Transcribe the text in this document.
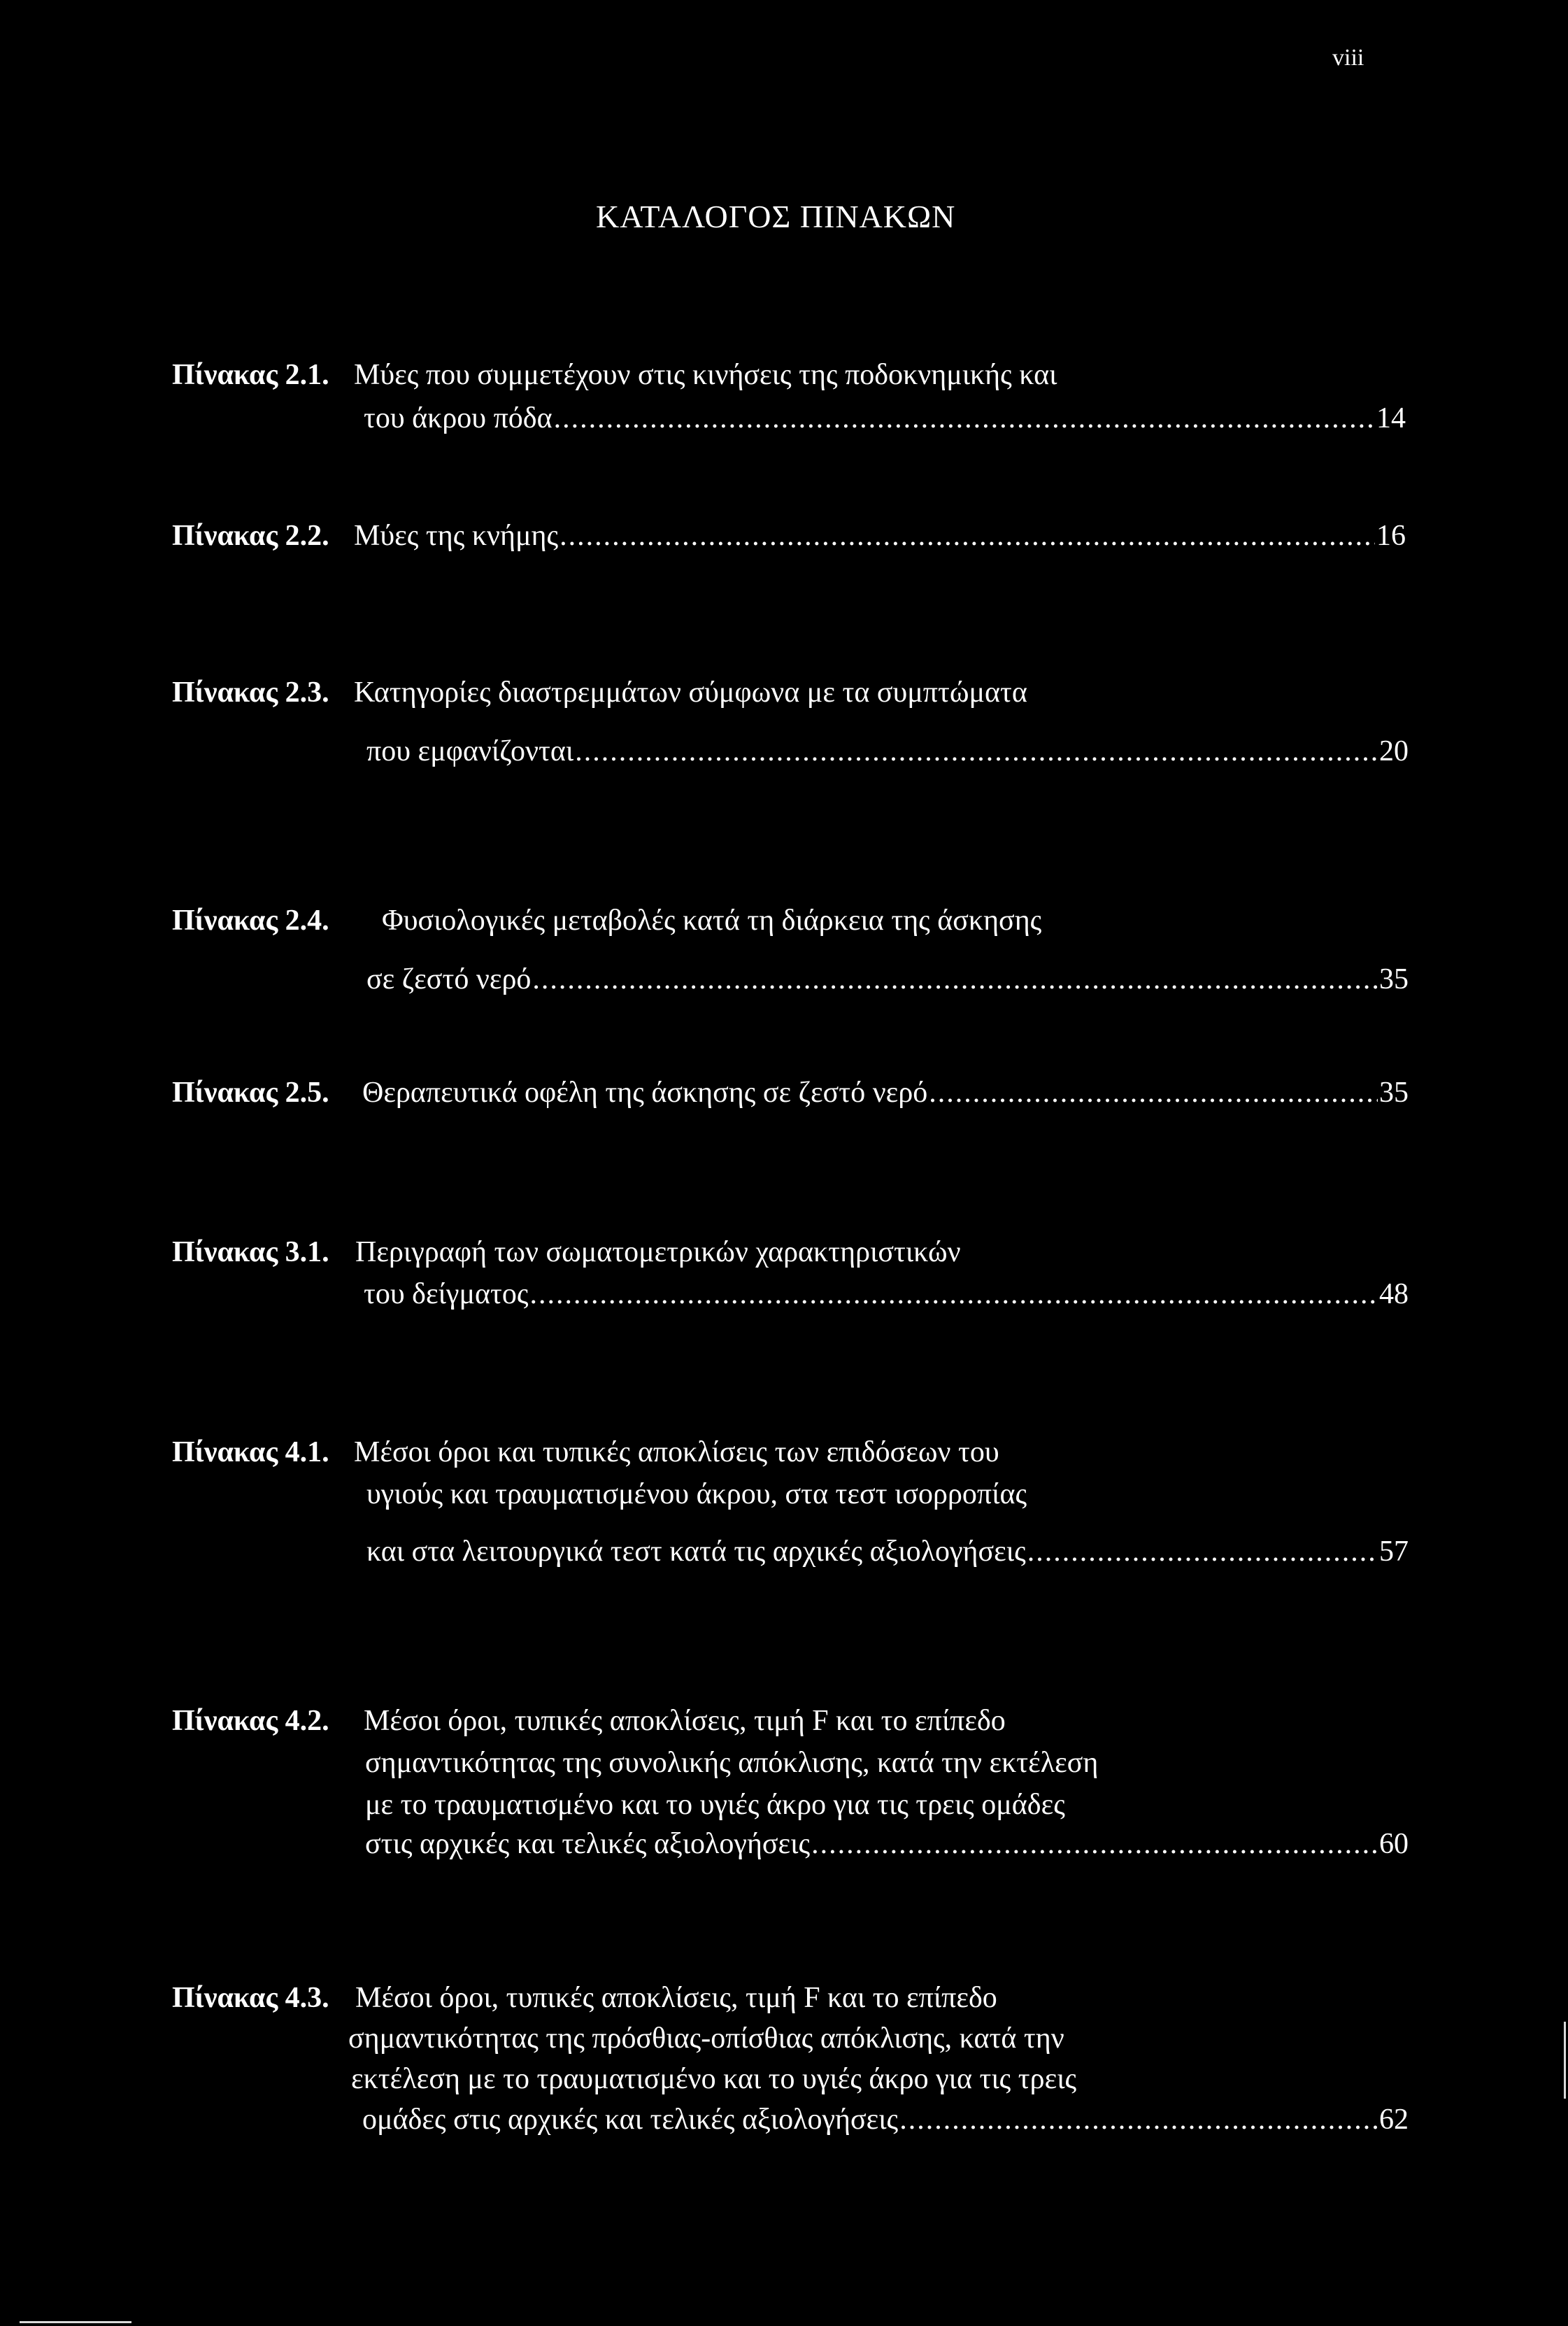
viii
ΚΑΤΑΛΟΓΟΣ ΠΙΝΑΚΩΝ
Πίνακας 2.1. Μύες που συμμετέχουν στις κινήσεις της ποδοκνημικής και
του άκρου πόδα .....	14
Πίνακας 2.2. Μύες της κνήμης .....	16
Πίνακας 2.3. Κατηγορίες διαστρεμμάτων σύμφωνα με τα συμπτώματα
που εμφανίζονται .....	20
Πίνακας 2.4. Φυσιολογικές μεταβολές κατά τη διάρκεια της άσκησης
σε ζεστό νερό .....	35
Πίνακας 2.5. Θεραπευτικά οφέλη της άσκησης σε ζεστό νερό .....	35
Πίνακας 3.1. Περιγραφή των σωματομετρικών χαρακτηριστικών
του δείγματος .....	48
Πίνακας 4.1. Μέσοι όροι και τυπικές αποκλίσεις των επιδόσεων του
υγιούς και τραυματισμένου άκρου, στα τεστ ισορροπίας
και στα λειτουργικά τεστ κατά τις αρχικές αξιολογήσεις .....	57
Πίνακας 4.2. Μέσοι όροι, τυπικές αποκλίσεις, τιμή F και το επίπεδο
σημαντικότητας της συνολικής απόκλισης, κατά την εκτέλεση
με το τραυματισμένο και το υγιές άκρο για τις τρεις ομάδες
στις αρχικές και τελικές αξιολογήσεις .....	60
Πίνακας 4.3. Μέσοι όροι, τυπικές αποκλίσεις, τιμή F και το επίπεδο
σημαντικότητας της πρόσθιας-οπίσθιας απόκλισης, κατά την
εκτέλεση με το τραυματισμένο και το υγιές άκρο για τις τρεις
ομάδες στις αρχικές και τελικές αξιολογήσεις .....	62
